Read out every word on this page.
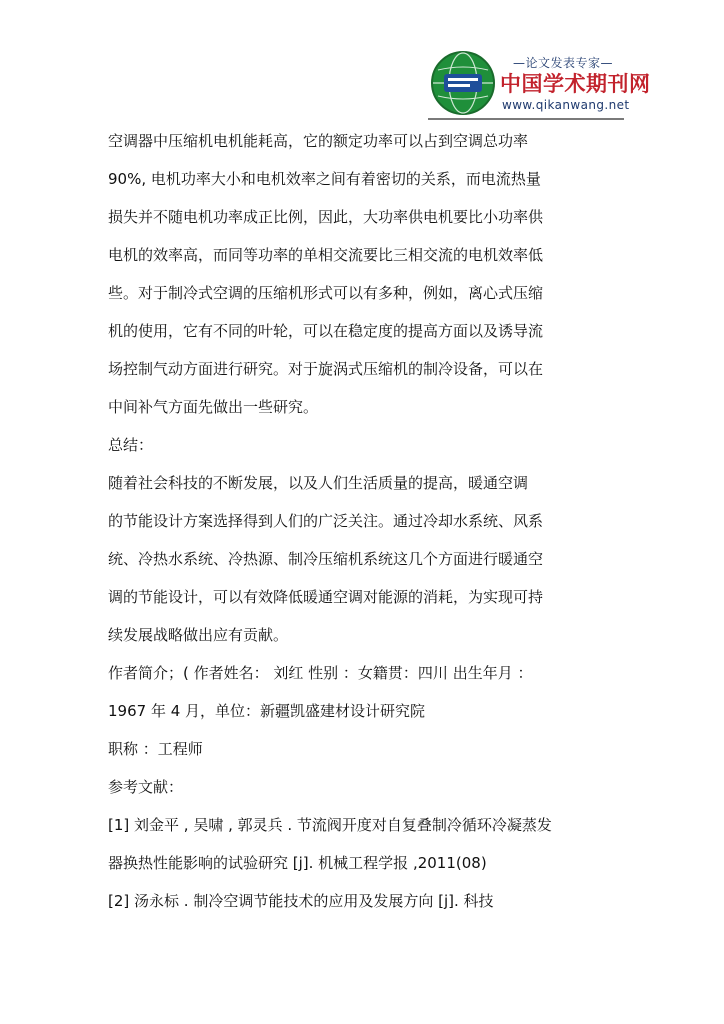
—论文发表专家—
中国学术期刊网
www.qikanwang.net
空调器中压缩机电机能耗高，它的额定功率可以占到空调总功率
90%, 电机功率大小和电机效率之间有着密切的关系，而电流热量
损失并不随电机功率成正比例，因此，大功率供电机要比小功率供
电机的效率高，而同等功率的单相交流要比三相交流的电机效率低
些。对于制冷式空调的压缩机形式可以有多种，例如，离心式压缩
机的使用，它有不同的叶轮，可以在稳定度的提高方面以及诱导流
场控制气动方面进行研究。对于旋涡式压缩机的制冷设备，可以在
中间补气方面先做出一些研究。
总结：
随着社会科技的不断发展，以及人们生活质量的提高，暖通空调
的节能设计方案选择得到人们的广泛关注。通过冷却水系统、风系
统、冷热水系统、冷热源、制冷压缩机系统这几个方面进行暖通空
调的节能设计，可以有效降低暖通空调对能源的消耗，为实现可持
续发展战略做出应有贡献。
作者简介；( 作者姓名： 刘红 性别 ：女籍贯：四川 出生年月 ：
1967 年 4 月，单位：新疆凯盛建材设计研究院
职称 ：工程师
参考文献：
[1] 刘金平 , 吴啸 , 郭灵兵 . 节流阀开度对自复叠制冷循环冷凝蒸发
器换热性能影响的试验研究 [j]. 机械工程学报 ,2011(08)
[2] 汤永标 . 制冷空调节能技术的应用及发展方向 [j]. 科技
